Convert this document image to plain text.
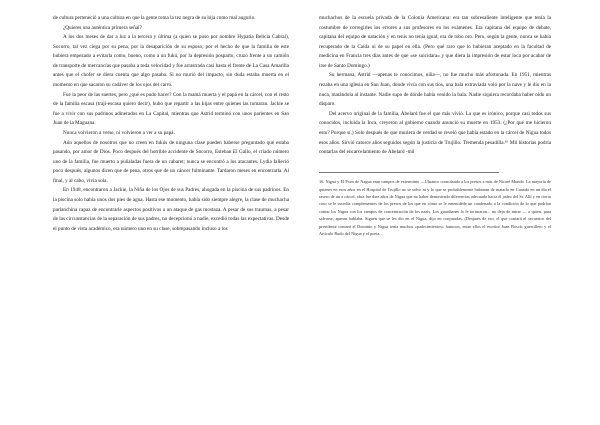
de cultura perteneció a una cultura en que la gente toma la tez negra de su hija como mal augurio.

¿Quieres una auténtica primera señal?

A los dos meses de dar a luz a la tercera y última (a quien se puso por nombre Hypatia Belicia Cabral), Socorro, tal vez ciega por su pena, por la desaparición de su esposo, por el hecho de que la familia de este hubiera empezado a evitarla como, bueno, como a un fukú, por la depresión posparto, cruzó frente a un camión de transporte de mercancías que pasaba a toda velocidad y fue arrastrada casi hasta el frente de La Casa Amarilla antes que el chofer se diera cuenta que algo pasaba. Si no murió del impacto, sin duda estaba muerta en el momento en que sacaron su cadáver de los ojos del carro.

Fue la peor de las suertes, pero ¿qué es pudo hacer? Con la mamá muerta y el papá en la cárcel, con el resto de la familia escasa (traji-escasa quiero decir), hubo que repartir a las hijas entre quienes las tomaran. Jackie se fue a vivir con sus padrinos adinerados en La Capital, mientras que Astrid terminó con unos parientes en San Juan de la Maguana.

Nunca volvieron a verse, ni volvieron a ver a su papá.

Aún aquellos de nosotros que no creen en fukús de ninguna clase pueden haberse preguntado qué estaba pasando, por amor de Dios. Poco después del horrible accidente de Socorro, Esteban El Gallo, el criado número uno de la familia, fue muerto a puñaladas fuera de un cabaret; nunca se encontró a los atacantes. Lydia falleció poco después, algunos dicen que de pena, otros que de un cáncer fulminante. Tardaron meses en encontrarla. Al final, y al cabo, vivía sola.

En 1948, encontraron a Jackie, la Niña de los Ojos de sus Padres, ahogada en la piscina de sus padrinos. En la piscina solo había unos dos pies de agua. Hasta ese momento, había sido siempre alegre, la clase de muchacha parlanchina capaz de encontrarle aspectos positivos a un ataque de gas mostaza. A pesar de sus traumas, a pesar de las circunstancias de la separación de sus padres, no decepcionó a nadie, excedió todas las expectativas. Desde el punto de vista académico, era número uno en su clase, sobrepasando incluso a los

muchachos de la escuela privada de la Colonia Americana: era tan sobresaliente inteligente que tenía la costumbre de corregirles los errores a sus profesores en los exámenes. Era capitana del equipo de debate, capitana del equipo de natación y en tenis no tenía igual; era de tobo oro. Pero, según la gente, nunca se había recuperado de la Caída ni de su papel en ella. (Pero qué raro que lo hubieran aceptado en la facultad de medicina en Francia tres días antes de que «se suicidara» y que diera la impresión de estar loca por acabar de irse de Santo Domingo.)

Su hermana, Astrid —apenas te conocimos, niña—, no fue mucho más afortunada. En 1951, mientras rezaba en una iglesia en San Juan, donde vivía con sus tíos, una bala extraviada voló por la nave y le dio en la nuca, matándola al instante. Nadie supo de dónde había venido la bala. Nadie siquiera recordaba haber oído un disparo.

Del acervo original de la familia, Abelard fue el que más vivió. La que es irónico, porque casi todos sus conocidos, incluida la Inca, creyeron al gobierno cuando anunció su muerte en 1953. (¿Por qué me hicieron esto? Porque sí.) Solo después de que muriera de verdad se reveló que había estado en la cárcel de Nigua todos esos años. Sirvió catorce años seguidos según la justicia de Trujillo. Tremenda pesadilla.¹⁶ Mil historias podría contarlas del encarcelamiento de Abelard -mil

16. Nigua y El Pozo de Nagua eran campos de exterminio —Uluanco consolando a los presos a más de Nicaré Mundo. La mayoría de quienes en esos años en el Hospital de Trujillo no se salvo ni y lo que se probablemente habiaran de matarlo en Cuando en un día el rasero de un a cárcel, obra fue diez años de Nigua que no haber demostrado diferencias adecuada hacia él jadeo del Sr. Allí y en cierto caso se le sucedía complementos de los presos de los que en cómo se le entenidéde un condenado a la condición de lo que podrían contar los Nigua con los campos de concentración de los nazis. Los guardianes lo le torturaron... no deja de mirar — a quien, para salvarse, apenas hablaba. Siguen que se les dio en el Nigua, dijo en conjuradas. (Después de eso, el que contará el secuestro del presidente contará el Dominio y Nigua tenía muchos «padecimientos» famosos, entre ellos el escritor Juan Bosch, guerrillero y el Artículo Rudo del Nigua y el poeta...
